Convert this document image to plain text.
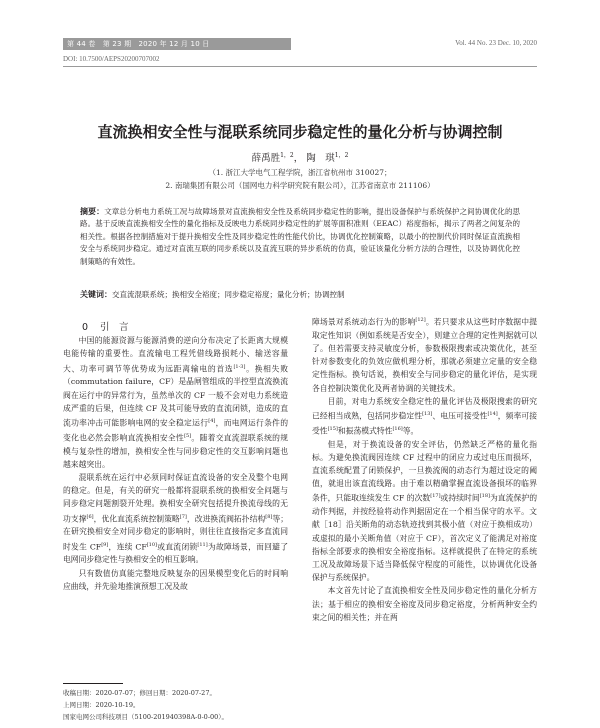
第 44 卷　第 23 期　2020 年 12 月 10 日	Vol. 44 No. 23 Dec. 10, 2020
DOI: 10.7500/AEPS20200707002
直流换相安全性与混联系统同步稳定性的量化分析与协调控制
薛禹胜$^{1,2}$， 陶　琪$^{1,2}$
（1. 浙江大学电气工程学院，浙江省杭州市 310027；
2. 南瑞集团有限公司（国网电力科学研究院有限公司），江苏省南京市 211106）
摘要：文章总分析电力系统工况与故障场景对直流换相安全性及系统同步稳定性的影响，提出设备保护与系统保护之间协调优化的思路。基于反映直流换相安全性的量化指标及反映电力系统同步稳定性的扩展等面积准则（EEAC）裕度指标，揭示了两者之间复杂的相关性。根据各控制措施对于提升换相安全性及同步稳定性的性能代价比，协调优化控制策略，以最小的控制代价同时保证直流换相安全与系统同步稳定。通过对直流互联的同步系统以及直流互联的异步系统的仿真，验证该量化分析方法的合理性，以及协调优化控制策略的有效性。
关键词：交直流混联系统；换相安全裕度；同步稳定裕度；量化分析；协调控制

0 引　言

中国的能源资源与能源消费的逆向分布决定了长距离大规模电能传输的重要性。直流输电工程凭借线路损耗小、输送容量大、功率可调节等优势成为远距离输电的首选[1-3]。换相失败（commutation failure，CF）是晶闸管组成的半控型直流换流阀在运行中的异常行为，虽然单次的 CF 一般不会对电力系统造成严重的后果，但连续 CF 及其可能导致的直流闭锁，造成的直流功率冲击可能影响电网的安全稳定运行[4]，而电网运行条件的变化也必然会影响直流换相安全性[5]。随着交直流混联系统的规模与复杂性的增加，换相安全性与同步稳定性的交互影响问题也越来越突出。

混联系统在运行中必须同时保证直流设备的安全及整个电网的稳定。但是，有关的研究一般都将混联系统的换相安全问题与同步稳定问题割裂开处理。换相安全研究包括提升换流母线的无功支撑[6]，优化直流系统控制策略[7]，改进换流阀拓扑结构[8]等；在研究换相安全对同步稳定的影响时，则往往直接指定多直流同时发生 CF[9]，连续 CF[10]或直流闭锁[11]为故障场景，而回避了电网同步稳定性与换相安全的相互影响。

只有数值仿真能完整地反映复杂的因果模型变化后的时间响应曲线，并先验地推演预想工况及故

障场景对系统动态行为的影响[12]。若只要求从这些时序数据中提取定性知识（例如系统是否安全），则建立合理的定性判据就可以了。但若需要支持灵敏度分析，参数极限搜索或决策优化，甚至针对参数变化的负效应做机理分析，那就必须建立定量的安全稳定性指标。换句话说，换相安全与同步稳定的量化评估，是实现各自控制决策优化及两者协调的关键技术。

目前，对电力系统安全稳定性的量化评估及极限搜索的研究已经相当成熟，包括同步稳定性[13]、电压可接受性[14]，频率可接受性[15]和振荡模式特性[16]等。

但是，对于换流设备的安全评估，仍然缺乏严格的量化指标。为避免换流阀因连续 CF 过程中的闭应力或过电压而损坏，直流系统配置了闭锁保护，一旦换流阀的动态行为超过设定的阈值，就退出该直流线路。由于难以精确掌握直流设备损坏的临界条件，只能取连续发生 CF 的次数[17]或持续时间[18]为直流保护的动作判据，并按经验将动作判据固定在一个相当保守的水平。文献［18］沿关断角的动态轨迹找到其极小值（对应于换相成功）或虚拟的最小关断角值（对应于 CF），首次定义了能满足对裕度指标全部要求的换相安全裕度指标。这样就提供了在特定的系统工况及故障场景下适当降低保守程度的可能性，以协调优化设备保护与系统保护。

本文首先讨论了直流换相安全性及同步稳定性的量化分析方法；基于相应的换相安全裕度及同步稳定裕度，分析两种安全约束之间的相关性；并在两

收稿日期：2020-07-07；修回日期：2020-07-27。
上网日期：2020-10-19。
国家电网公司科技项目（5100-201940398A-0-0-00）。
